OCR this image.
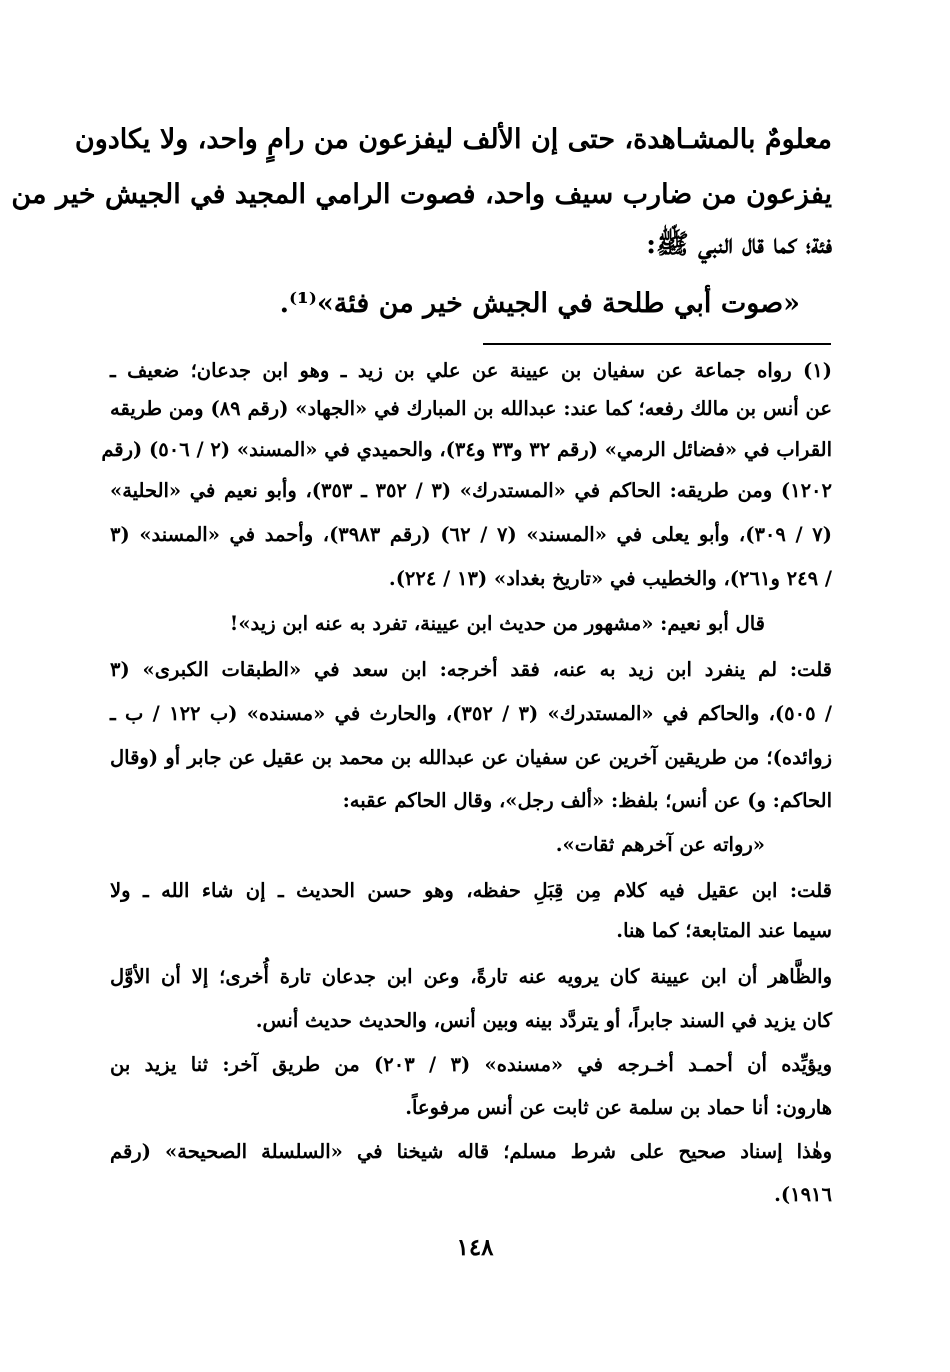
معلومٌ بالمشـاهدة، حتى إن الألف ليفزعون من رامٍ واحد، ولا يكادون
يفزعون من ضارب سيف واحد، فصوت الرامي المجيد في الجيش خير من
فئة؛ كما قال النبي ﷺ:
«صوت أبي طلحة في الجيش خير من فئة»⁽¹⁾.
(١) رواه جماعة عن سفيان بن عيينة عن علي بن زيد ـ وهو ابن جدعان؛ ضعيف ـ
عن أنس بن مالك رفعه؛ كما عند: عبدالله بن المبارك في «الجهاد» (رقم ٨٩) ومن طريقه
القراب في «فضائل الرمي» (رقم ٣٢ و٣٣ و٣٤)، والحميدي في «المسند» (٢ / ٥٠٦) (رقم
١٢٠٢) ومن طريقه: الحاكم في «المستدرك» (٣ / ٣٥٢ ـ ٣٥٣)، وأبو نعيم في «الحلية»
(٧ / ٣٠٩)، وأبو يعلى في «المسند» (٧ / ٦٢) (رقم ٣٩٨٣)، وأحمد في «المسند» (٣
/ ٢٤٩ و٢٦١)، والخطيب في «تاريخ بغداد» (١٣ / ٢٢٤).
قال أبو نعيم: «مشهور من حديث ابن عيينة، تفرد به عنه ابن زيد»!
قلت: لم ينفرد ابن زيد به عنه، فقد أخرجه: ابن سعد في «الطبقات الكبرى» (٣
/ ٥٠٥)، والحاكم في «المستدرك» (٣ / ٣٥٢)، والحارث في «مسنده» (ب ١٢٢ / ب ـ
زوائده)؛ من طريقين آخرين عن سفيان عن عبدالله بن محمد بن عقيل عن جابر أو (وقال
الحاكم: و) عن أنس؛ بلفظ: «ألف رجل»، وقال الحاكم عقبه:
«رواته عن آخرهم ثقات».
قلت: ابن عقيل فيه كلام مِن قِبَلِ حفظه، وهو حسن الحديث ـ إن شاء الله ـ ولا
سيما عند المتابعة؛ كما هنا.
والظَّاهر أن ابن عيينة كان يرويه عنه تارةً، وعن ابن جدعان تارة أُخرى؛ إلا أن الأوَّل
كان يزيد في السند جابراً، أو يتردَّد بينه وبين أنس، والحديث حديث أنس.
ويؤيِّده أن أحمـد أخـرجه في «مسنده» (٣ / ٢٠٣) من طريق آخر: ثنا يزيد بن
هارون: أنا حماد بن سلمة عن ثابت عن أنس مرفوعاً.
وهٰذا إسناد صحيح على شرط مسلم؛ قاله شيخنا في «السلسلة الصحيحة» (رقم
١٩١٦).
١٤٨
